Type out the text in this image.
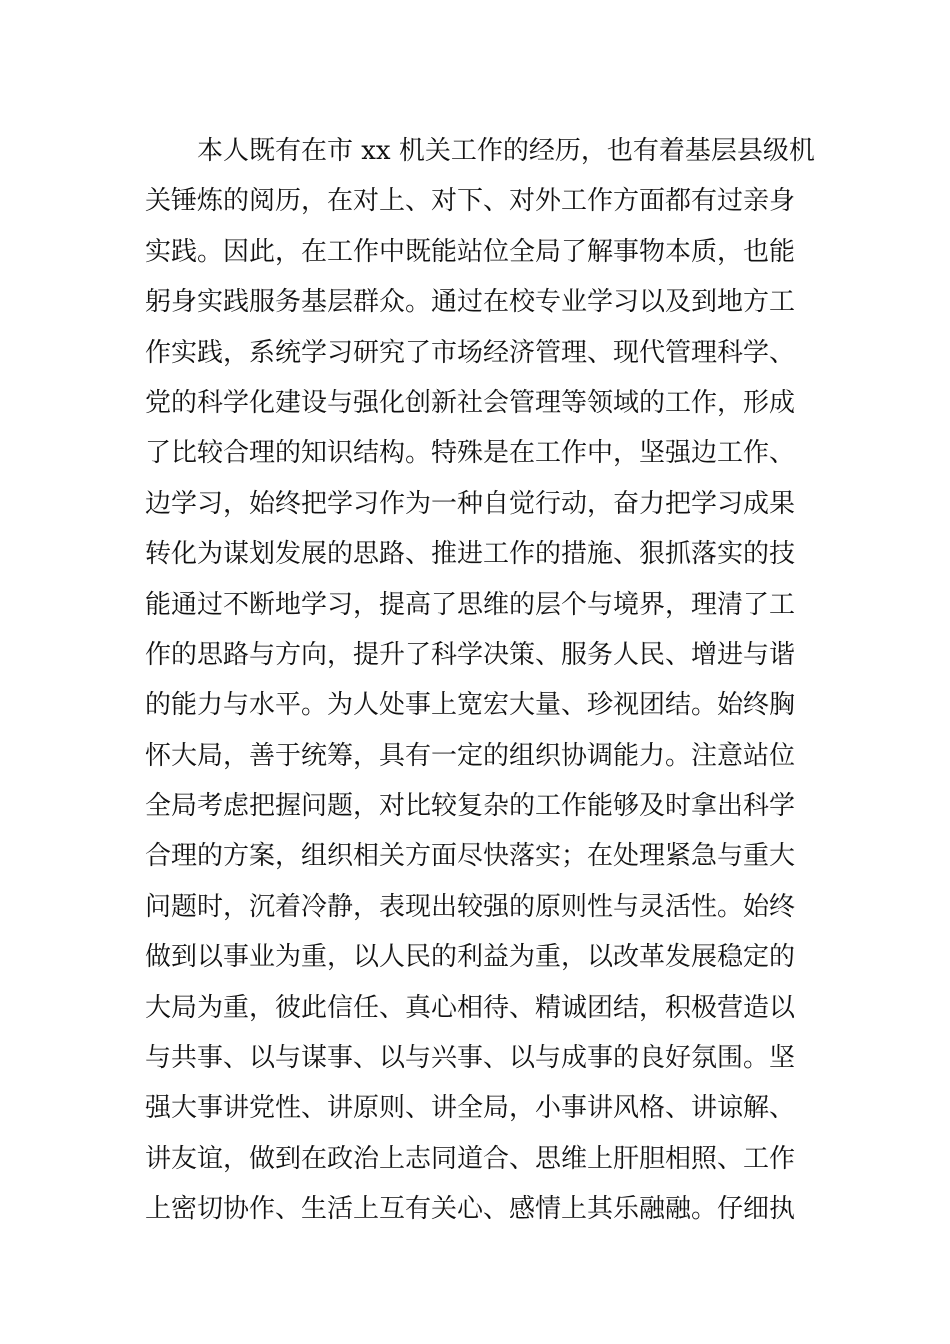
本人既有在市 xx 机关工作的经历，也有着基层县级机
关锤炼的阅历，在对上、对下、对外工作方面都有过亲身
实践。因此，在工作中既能站位全局了解事物本质，也能
躬身实践服务基层群众。通过在校专业学习以及到地方工
作实践，系统学习研究了市场经济管理、现代管理科学、
党的科学化建设与强化创新社会管理等领域的工作，形成
了比较合理的知识结构。特殊是在工作中，坚强边工作、
边学习，始终把学习作为一种自觉行动，奋力把学习成果
转化为谋划发展的思路、推进工作的措施、狠抓落实的技
能通过不断地学习，提高了思维的层个与境界，理清了工
作的思路与方向，提升了科学决策、服务人民、增进与谐
的能力与水平。为人处事上宽宏大量、珍视团结。始终胸
怀大局，善于统筹，具有一定的组织协调能力。注意站位
全局考虑把握问题，对比较复杂的工作能够及时拿出科学
合理的方案，组织相关方面尽快落实；在处理紧急与重大
问题时，沉着冷静，表现出较强的原则性与灵活性。始终
做到以事业为重，以人民的利益为重，以改革发展稳定的
大局为重，彼此信任、真心相待、精诚团结，积极营造以
与共事、以与谋事、以与兴事、以与成事的良好氛围。坚
强大事讲党性、讲原则、讲全局，小事讲风格、讲谅解、
讲友谊，做到在政治上志同道合、思维上肝胆相照、工作
上密切协作、生活上互有关心、感情上其乐融融。仔细执
